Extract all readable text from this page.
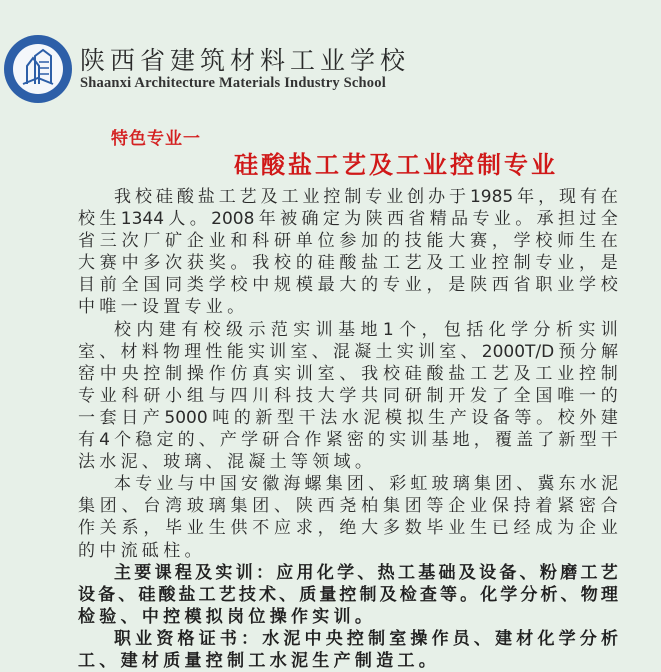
陕西省建筑材料工业学校
Shaanxi Architecture Materials Industry School
特色专业一
硅酸盐工艺及工业控制专业
我 校 硅 酸 盐 工 艺 及 工 业 控 制 专 业 创 办 于 1985 年 ， 现 有 在
校 生 1344 人 。 2008 年 被 确 定 为 陕 西 省 精 品 专 业 。 承 担 过 全
省 三 次 厂 矿 企 业 和 科 研 单 位 参 加 的 技 能 大 赛 ， 学 校 师 生 在
大 赛 中 多 次 获 奖 。 我 校 的 硅 酸 盐 工 艺 及 工 业 控 制 专 业 ， 是
目 前 全 国 同 类 学 校 中 规 模 最 大 的 专 业 ， 是 陕 西 省 职 业 学 校
中唯一设置专业。
校 内 建 有 校 级 示 范 实 训 基 地 1 个 ， 包 括 化 学 分 析 实 训
室 、 材 料 物 理 性 能 实 训 室 、 混 凝 土 实 训 室 、 2000T/D 预 分 解
窑 中 央 控 制 操 作 仿 真 实 训 室 、 我 校 硅 酸 盐 工 艺 及 工 业 控 制
专 业 科 研 小 组 与 四 川 科 技 大 学 共 同 研 制 开 发 了 全 国 唯 一 的
一 套 日 产 5000 吨 的 新 型 干 法 水 泥 模 拟 生 产 设 备 等 。 校 外 建
有 4 个 稳 定 的 、 产 学 研 合 作 紧 密 的 实 训 基 地 ， 覆 盖 了 新 型 干
法水泥、玻璃、混凝土等领域。
本 专 业 与 中 国 安 徽 海 螺 集 团 、 彩 虹 玻 璃 集 团 、 冀 东 水 泥
集 团 、 台 湾 玻 璃 集 团 、 陕 西 尧 柏 集 团 等 企 业 保 持 着 紧 密 合
作 关 系 ， 毕 业 生 供 不 应 求 ， 绝 大 多 数 毕 业 生 已 经 成 为 企 业
的中流砥柱。
主 要 课 程 及 实 训 ： 应 用 化 学 、 热 工 基 础 及 设 备 、 粉 磨 工 艺
设 备 、 硅 酸 盐 工 艺 技 术 、 质 量 控 制 及 检 查 等 。 化 学 分 析 、 物 理
检验、中控模拟岗位操作实训。
职 业 资 格 证 书 ： 水 泥 中 央 控 制 室 操 作 员 、 建 材 化 学 分 析
工、建材质量控制工水泥生产制造工。
